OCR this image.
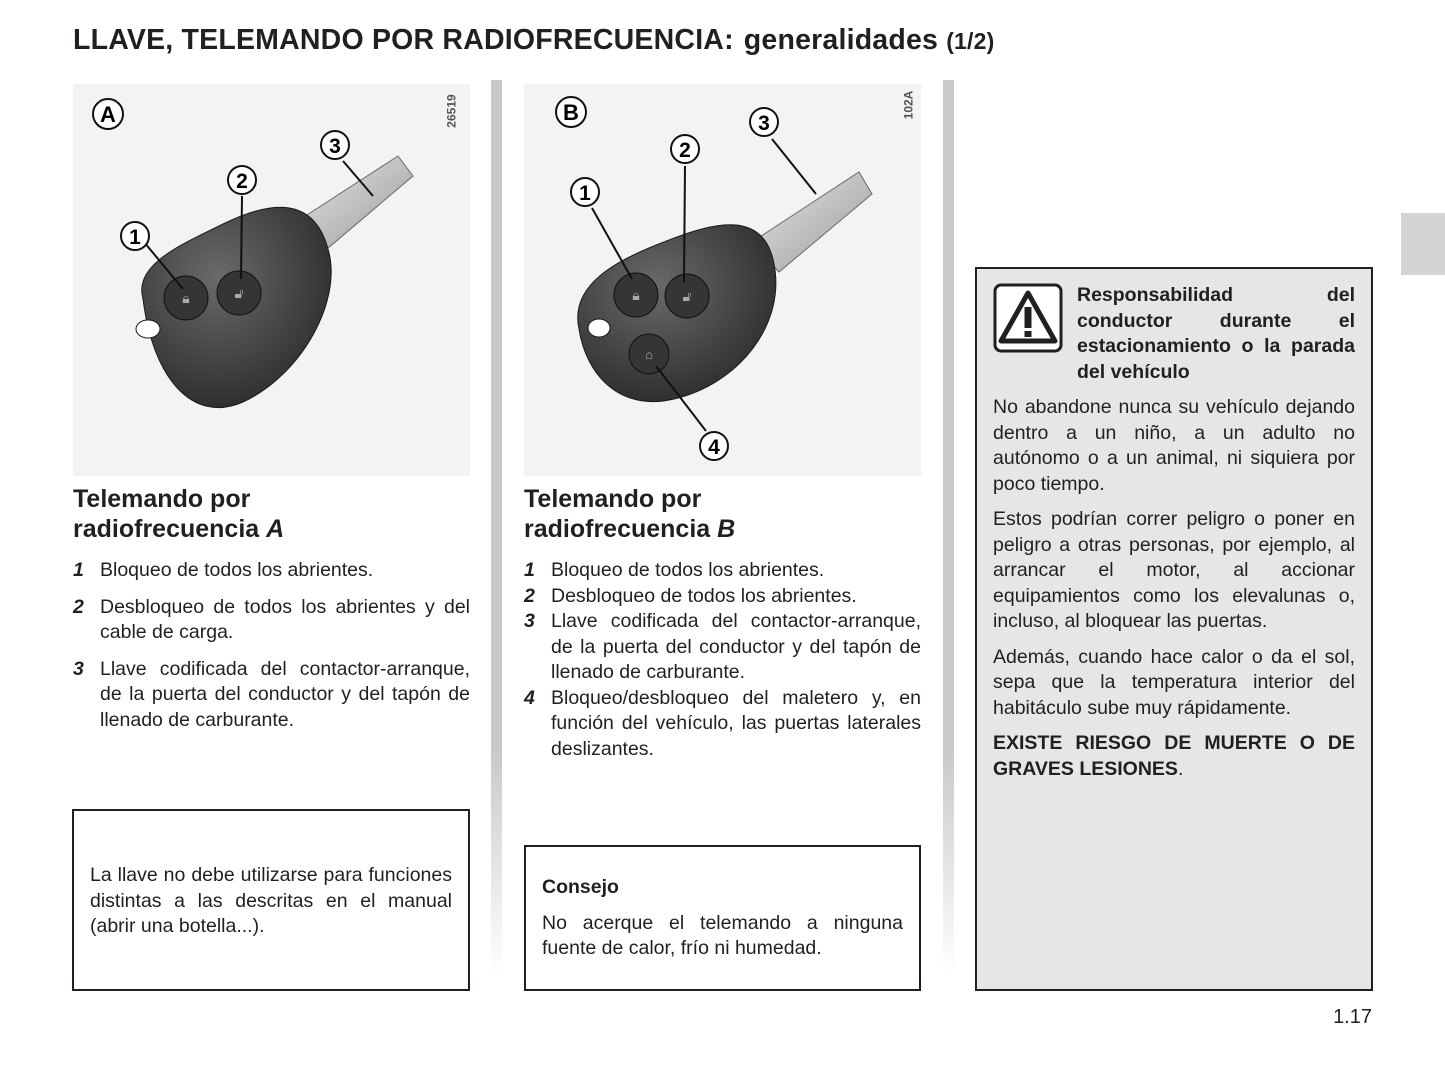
LLAVE, TELEMANDO POR RADIOFRECUENCIA: generalidades (1/2)
🔒︎	🔓︎
A
1
2
3
26519
🔒︎	🔓︎
⌂
B
1
2
3
4
102A
Telemando por
radiofrecuencia A
1 Bloqueo de todos los abrientes.
2 Desbloqueo de todos los abrientes y del cable de carga.
3 Llave codificada del contactor-arranque, de la puerta del conductor y del tapón de llenado de carburante.
Telemando por
radiofrecuencia B
1 Bloqueo de todos los abrientes.
2 Desbloqueo de todos los abrientes.
3 Llave codificada del contactor-arranque, de la puerta del conductor y del tapón de llenado de carburante.
4 Bloqueo/desbloqueo del maletero y, en función del vehículo, las puertas laterales deslizantes.

La llave no debe utilizarse para funciones distintas a las descritas en el manual (abrir una botella...).

Consejo

No acerque el telemando a ninguna fuente de calor, frío ni humedad.

Responsabilidad del conductor durante el estacionamiento o la parada del vehículo

No abandone nunca su vehículo dejando dentro a un niño, a un adulto no autónomo o a un animal, ni siquiera por poco tiempo.

Estos podrían correr peligro o poner en peligro a otras personas, por ejemplo, al arrancar el motor, al accionar equipamientos como los elevalunas o, incluso, al bloquear las puertas.

Además, cuando hace calor o da el sol, sepa que la temperatura interior del habitáculo sube muy rápidamente.

EXISTE RIESGO DE MUERTE O DE GRAVES LESIONES.

1.17
